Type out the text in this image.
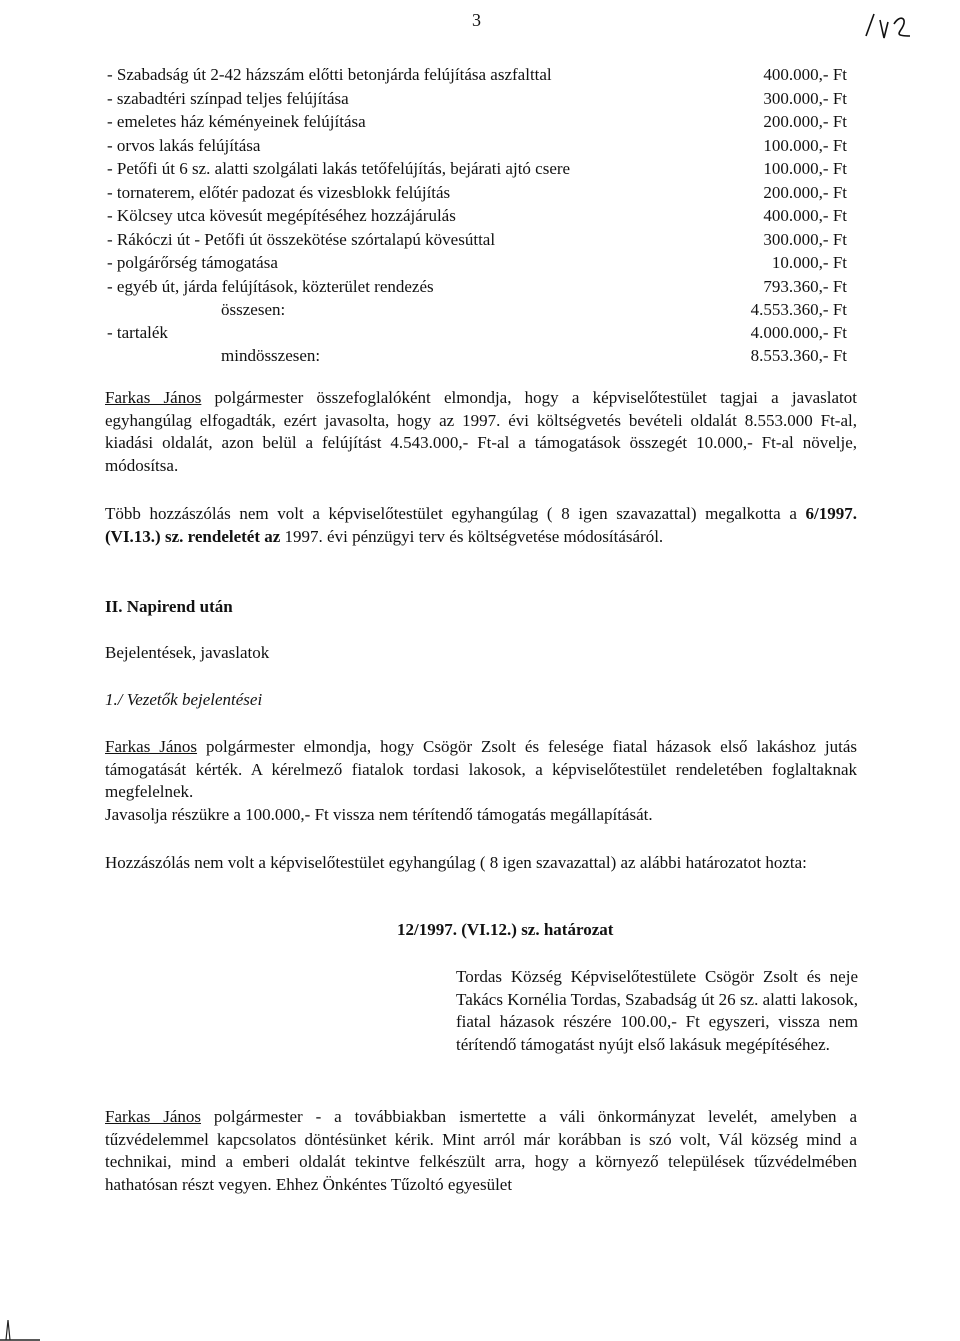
3
- Szabadság út 2-42 házszám előtti betonjárda felújítása aszfalttal	400.000,- Ft
- szabadtéri színpad teljes felújítása	300.000,- Ft
- emeletes ház kéményeinek felújítása	200.000,- Ft
- orvos lakás felújítása	100.000,- Ft
- Petőfi út 6 sz. alatti szolgálati lakás tetőfelújítás, bejárati ajtó csere	100.000,- Ft
- tornaterem, előtér padozat és vizesblokk felújítás	200.000,- Ft
- Kölcsey utca kövesút megépítéséhez hozzájárulás	400.000,- Ft
- Rákóczi út - Petőfi út összekötése szórtalapú kövesúttal	300.000,- Ft
- polgárőrség támogatása	10.000,- Ft
- egyéb út, járda felújítások, közterület rendezés	793.360,- Ft
összesen:	4.553.360,- Ft
- tartalék	4.000.000,- Ft
mindösszesen:	8.553.360,- Ft
Farkas János polgármester összefoglalóként elmondja, hogy a képviselőtestület tagjai a javaslatot egyhangúlag elfogadták, ezért javasolta, hogy az 1997. évi költségvetés bevételi oldalát 8.553.000 Ft-al, kiadási oldalát, azon belül a felújítást 4.543.000,- Ft-al a támogatások összegét 10.000,- Ft-al növelje, módosítsa.
Több hozzászólás nem volt a képviselőtestület egyhangúlag ( 8 igen szavazattal) megalkotta a 6/1997. (VI.13.) sz. rendeletét az 1997. évi pénzügyi terv és költségvetése módosításáról.
II. Napirend után
Bejelentések, javaslatok
1./ Vezetők bejelentései
Farkas János polgármester elmondja, hogy Csögör Zsolt és felesége fiatal házasok első lakáshoz jutás támogatását kérték. A kérelmező fiatalok tordasi lakosok, a képviselőtestület rendeletében foglaltaknak megfelelnek.
Javasolja részükre a 100.000,- Ft vissza nem térítendő támogatás megállapítását.
Hozzászólás nem volt a képviselőtestület egyhangúlag ( 8 igen szavazattal) az alábbi határozatot hozta:
12/1997. (VI.12.) sz. határozat
Tordas Község Képviselőtestülete Csögör Zsolt és neje Takács Kornélia Tordas, Szabadság út 26 sz. alatti lakosok, fiatal házasok részére 100.00,- Ft egyszeri, vissza nem térítendő támogatást nyújt első lakásuk megépítéséhez.
Farkas János polgármester - a továbbiakban ismertette a váli önkormányzat levelét, amelyben a tűzvédelemmel kapcsolatos döntésünket kérik. Mint arról már korábban is szó volt, Vál község mind a technikai, mind a emberi oldalát tekintve felkészült arra, hogy a környező települések tűzvédelmében hathatósan részt vegyen. Ehhez Önkéntes Tűzoltó egyesület
